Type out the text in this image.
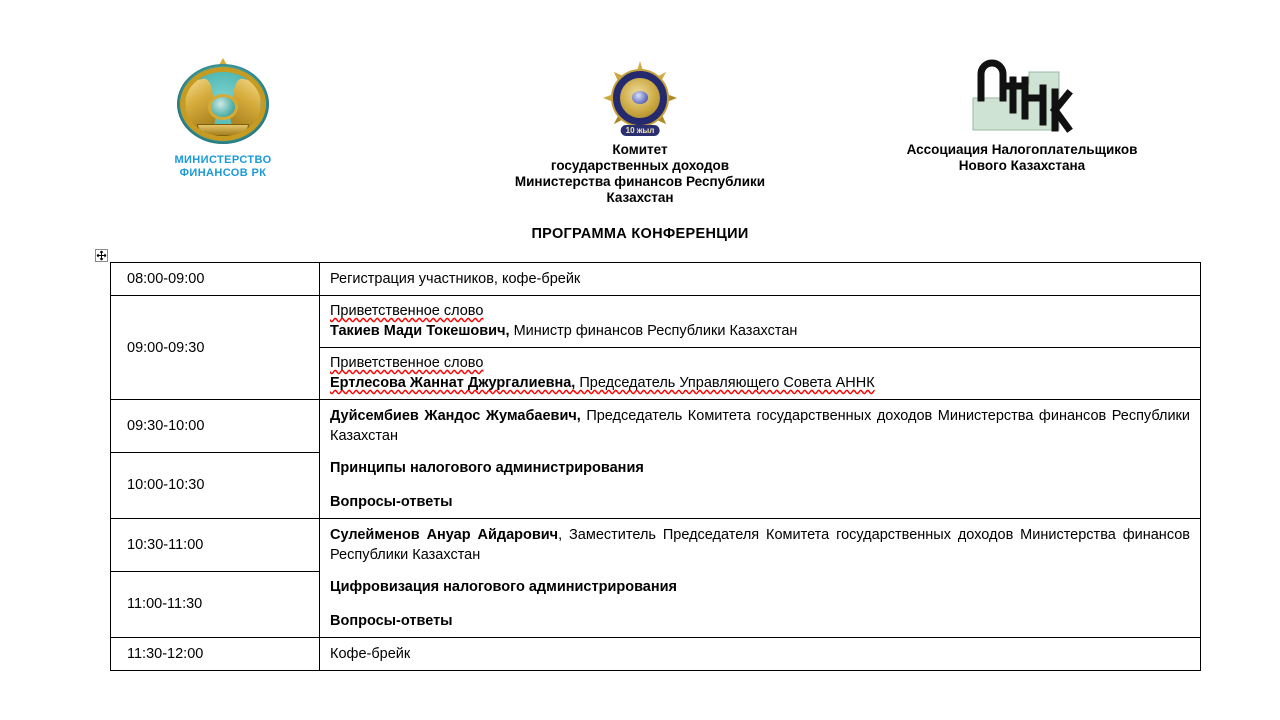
МИНИСТЕРСТВО
ФИНАНСОВ РК
10 жыл
Комитет
государственных доходов
Министерства финансов Республики
Казахстан
Ассоциация Налогоплательщиков
Нового Казахстана
ПРОГРАММА КОНФЕРЕНЦИИ
08:00-09:00	Регистрация участников, кофе-брейк

09:00-09:30	Приветственное слово
Такиев Мади Токешович, Министр финансов Республики Казахстан
Приветственное слово
Ертлесова Жаннат Джургалиевна, Председатель Управляющего Совета АННК

09:30-10:00	Дуйсембиев Жандос Жумабаевич, Председатель Комитета государственных доходов Министерства финансов Республики Казахстан

10:00-10:30	Принципы налогового администрирования

Вопросы-ответы

10:30-11:00	Сулейменов Ануар Айдарович, Заместитель Председателя Комитета государственных доходов Министерства финансов Республики Казахстан

11:00-11:30	Цифровизация налогового администрирования

Вопросы-ответы

11:30-12:00	Кофе-брейк
